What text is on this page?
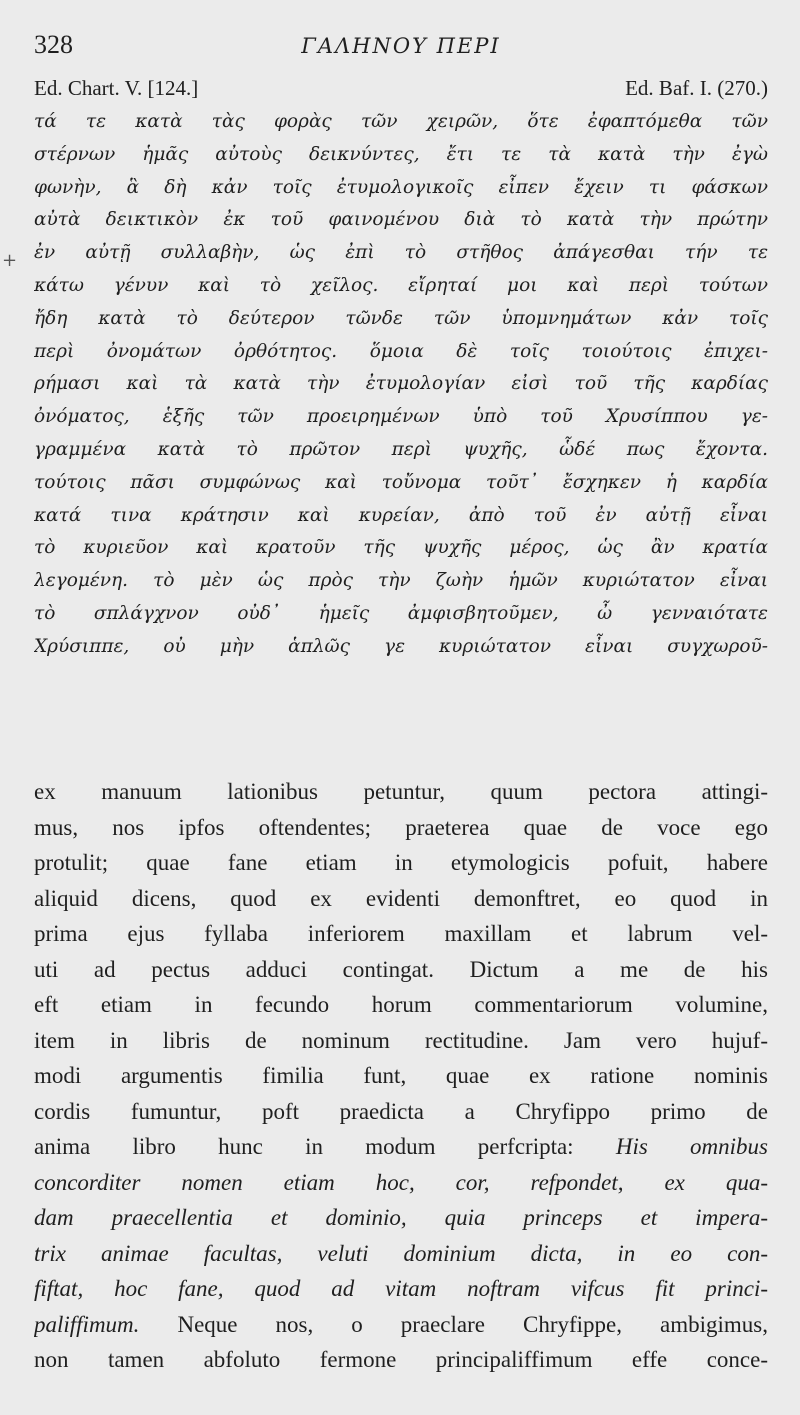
328	ΓΑΛΗΝΟΥ ΠΕΡΙ
Ed. Chart. V. [124.]	Ed. Baf. I. (270.)
+
τά τε κατὰ τὰς φορὰς τῶν χειρῶν, ὅτε ἐφαπτόμεθα τῶν
στέρνων ἡμᾶς αὐτοὺς δεικνύντες, ἔτι τε τὰ κατὰ τὴν ἐγὼ
φωνὴν, ἃ δὴ κἀν τοῖς ἐτυμολογικοῖς εἶπεν ἔχειν τι φάσκων
αὐτὰ δεικτικὸν ἐκ τοῦ φαινομένου διὰ τὸ κατὰ τὴν πρώτην
ἐν αὐτῇ συλλαβὴν, ὡς ἐπὶ τὸ στῆθος ἀπάγεσθαι τήν τε
κάτω γένυν καὶ τὸ χεῖλος. εἴρηταί μοι καὶ περὶ τούτων
ἤδη κατὰ τὸ δεύτερον τῶνδε τῶν ὑπομνημάτων κἀν τοῖς
περὶ ὀνομάτων ὀρθότητος. ὅμοια δὲ τοῖς τοιούτοις ἐπιχει-
ρήμασι καὶ τὰ κατὰ τὴν ἐτυμολογίαν εἰσὶ τοῦ τῆς καρδίας
ὀνόματος, ἑξῆς τῶν προειρημένων ὑπὸ τοῦ Χρυσίππου γε-
γραμμένα κατὰ τὸ πρῶτον περὶ ψυχῆς, ὧδέ πως ἔχοντα.
τούτοις πᾶσι συμφώνως καὶ τοὔνομα τοῦτ᾽ ἔσχηκεν ἡ καρδία
κατά τινα κράτησιν καὶ κυρείαν, ἀπὸ τοῦ ἐν αὐτῇ εἶναι
τὸ κυριεῦον καὶ κρατοῦν τῆς ψυχῆς μέρος, ὡς ἂν κρατία
λεγομένη. τὸ μὲν ὡς πρὸς τὴν ζωὴν ἡμῶν κυριώτατον εἶναι
τὸ σπλάγχνον οὐδ᾽ ἡμεῖς ἀμφισβητοῦμεν, ὦ γενναιότατε
Χρύσιππε, οὐ μὴν ἁπλῶς γε κυριώτατον εἶναι συγχωροῦ-
ex manuum lationibus petuntur, quum pectora attingi-
mus, nos ipfos oftendentes; praeterea quae de voce ego
protulit; quae fane etiam in etymologicis pofuit, habere
aliquid dicens, quod ex evidenti demonftret, eo quod in
prima ejus fyllaba inferiorem maxillam et labrum vel-
uti ad pectus adduci contingat. Dictum a me de his
eft etiam in fecundo horum commentariorum volumine,
item in libris de nominum rectitudine. Jam vero hujuf-
modi argumentis fimilia funt, quae ex ratione nominis
cordis fumuntur, poft praedicta a Chryfippo primo de
anima libro hunc in modum perfcripta: His omnibus
concorditer nomen etiam hoc, cor, refpondet, ex qua-
dam praecellentia et dominio, quia princeps et impera-
trix animae facultas, veluti dominium dicta, in eo con-
fiftat, hoc fane, quod ad vitam noftram vifcus fit princi-
paliffimum. Neque nos, o praeclare Chryfippe, ambigimus,
non tamen abfoluto fermone principaliffimum effe conce-
